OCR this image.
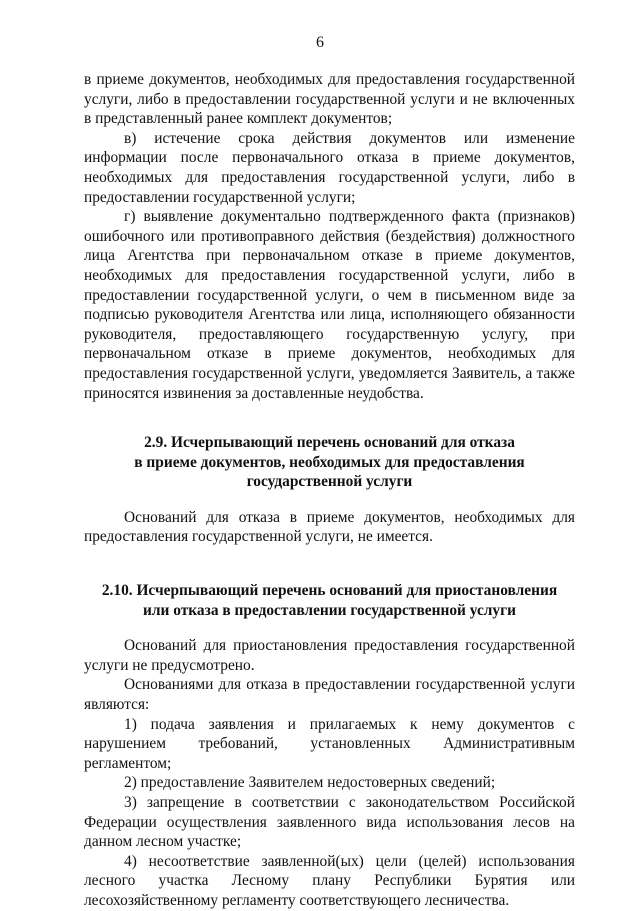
6

в приеме документов, необходимых для предоставления государственной услуги, либо в предоставлении государственной услуги и не включенных в представленный ранее комплект документов;

в) истечение срока действия документов или изменение информации после первоначального отказа в приеме документов, необходимых для предоставления государственной услуги, либо в предоставлении государственной услуги;

г) выявление документально подтвержденного факта (признаков) ошибочного или противоправного действия (бездействия) должностного лица Агентства при первоначальном отказе в приеме документов, необходимых для предоставления государственной услуги, либо в предоставлении государственной услуги, о чем в письменном виде за подписью руководителя Агентства или лица, исполняющего обязанности руководителя, предоставляющего государственную услугу, при первоначальном отказе в приеме документов, необходимых для предоставления государственной услуги, уведомляется Заявитель, а также приносятся извинения за доставленные неудобства.

2.9. Исчерпывающий перечень оснований для отказа
в приеме документов, необходимых для предоставления
государственной услуги

Оснований для отказа в приеме документов, необходимых для предоставления государственной услуги, не имеется.

2.10. Исчерпывающий перечень оснований для приостановления
или отказа в предоставлении государственной услуги

Оснований для приостановления предоставления государственной услуги не предусмотрено.

Основаниями для отказа в предоставлении государственной услуги являются:

1) подача заявления и прилагаемых к нему документов с нарушением требований, установленных Административным регламентом;

2) предоставление Заявителем недостоверных сведений;

3) запрещение в соответствии с законодательством Российской Федерации осуществления заявленного вида использования лесов на данном лесном участке;

4) несоответствие заявленной(ых) цели (целей) использования лесного участка Лесному плану Республики Бурятия или лесохозяйственному регламенту соответствующего лесничества.
